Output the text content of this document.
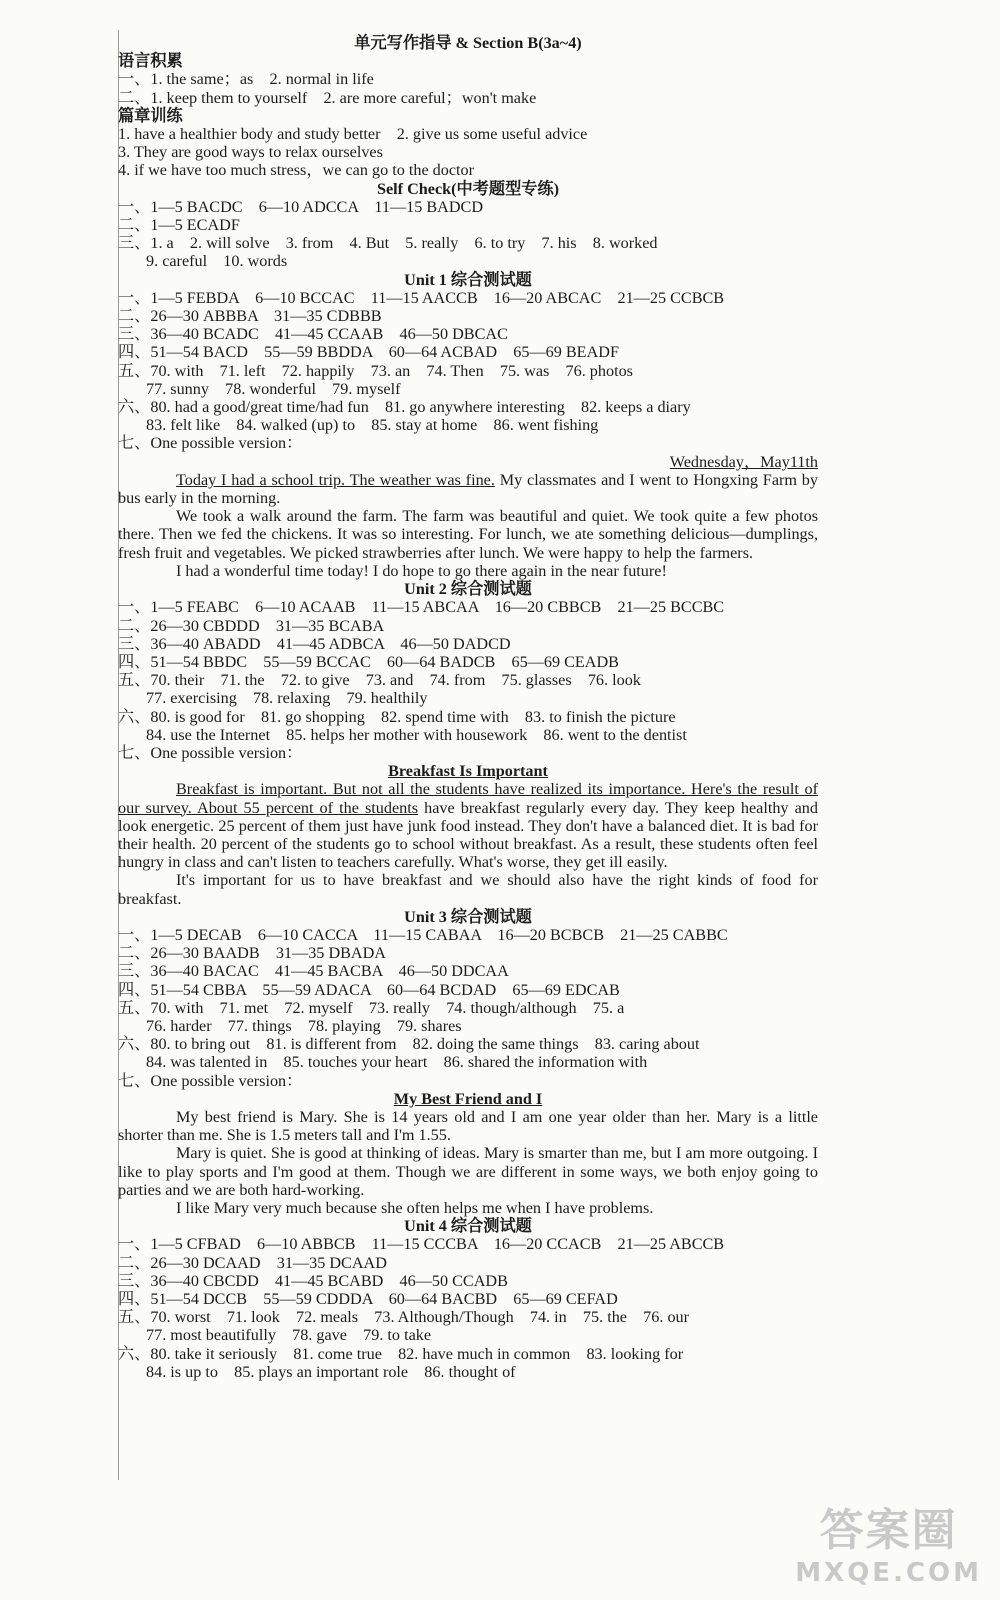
单元写作指导 & Section B(3a~4)
语言积累
一、1. the same；as　2. normal in life
二、1. keep them to yourself　2. are more careful；won't make
篇章训练
1. have a healthier body and study better　2. give us some useful advice
3. They are good ways to relax ourselves
4. if we have too much stress，we can go to the doctor
Self Check(中考题型专练)
一、1—5 BACDC　6—10 ADCCA　11—15 BADCD
二、1—5 ECADF
三、1. a　2. will solve　3. from　4. But　5. really　6. to try　7. his　8. worked
9. careful　10. words
Unit 1 综合测试题
一、1—5 FEBDA　6—10 BCCAC　11—15 AACCB　16—20 ABCAC　21—25 CCBCB
二、26—30 ABBBA　31—35 CDBBB
三、36—40 BCADC　41—45 CCAAB　46—50 DBCAC
四、51—54 BACD　55—59 BBDDA　60—64 ACBAD　65—69 BEADF
五、70. with　71. left　72. happily　73. an　74. Then　75. was　76. photos
77. sunny　78. wonderful　79. myself
六、80. had a good/great time/had fun　81. go anywhere interesting　82. keeps a diary
83. felt like　84. walked (up) to　85. stay at home　86. went fishing
七、One possible version：
Wednesday，May11th
Today I had a school trip. The weather was fine. My classmates and I went to Hongxing Farm by bus early in the morning.
We took a walk around the farm. The farm was beautiful and quiet. We took quite a few photos there. Then we fed the chickens. It was so interesting. For lunch, we ate something delicious—dumplings, fresh fruit and vegetables. We picked strawberries after lunch. We were happy to help the farmers.
I had a wonderful time today! I do hope to go there again in the near future!
Unit 2 综合测试题
一、1—5 FEABC　6—10 ACAAB　11—15 ABCAA　16—20 CBBCB　21—25 BCCBC
二、26—30 CBDDD　31—35 BCABA
三、36—40 ABADD　41—45 ADBCA　46—50 DADCD
四、51—54 BBDC　55—59 BCCAC　60—64 BADCB　65—69 CEADB
五、70. their　71. the　72. to give　73. and　74. from　75. glasses　76. look
77. exercising　78. relaxing　79. healthily
六、80. is good for　81. go shopping　82. spend time with　83. to finish the picture
84. use the Internet　85. helps her mother with housework　86. went to the dentist
七、One possible version：
Breakfast Is Important
Breakfast is important. But not all the students have realized its importance. Here's the result of our survey. About 55 percent of the students have breakfast regularly every day. They keep healthy and look energetic. 25 percent of them just have junk food instead. They don't have a balanced diet. It is bad for their health. 20 percent of the students go to school without breakfast. As a result, these students often feel hungry in class and can't listen to teachers carefully. What's worse, they get ill easily.
It's important for us to have breakfast and we should also have the right kinds of food for breakfast.
Unit 3 综合测试题
一、1—5 DECAB　6—10 CACCA　11—15 CABAA　16—20 BCBCB　21—25 CABBC
二、26—30 BAADB　31—35 DBADA
三、36—40 BACAC　41—45 BACBA　46—50 DDCAA
四、51—54 CBBA　55—59 ADACA　60—64 BCDAD　65—69 EDCAB
五、70. with　71. met　72. myself　73. really　74. though/although　75. a
76. harder　77. things　78. playing　79. shares
六、80. to bring out　81. is different from　82. doing the same things　83. caring about
84. was talented in　85. touches your heart　86. shared the information with
七、One possible version：
My Best Friend and I
My best friend is Mary. She is 14 years old and I am one year older than her. Mary is a little shorter than me. She is 1.5 meters tall and I'm 1.55.
Mary is quiet. She is good at thinking of ideas. Mary is smarter than me, but I am more outgoing. I like to play sports and I'm good at them. Though we are different in some ways, we both enjoy going to parties and we are both hard-working.
I like Mary very much because she often helps me when I have problems.
Unit 4 综合测试题
一、1—5 CFBAD　6—10 ABBCB　11—15 CCCBA　16—20 CCACB　21—25 ABCCB
二、26—30 DCAAD　31—35 DCAAD
三、36—40 CBCDD　41—45 BCABD　46—50 CCADB
四、51—54 DCCB　55—59 CDDDA　60—64 BACBD　65—69 CEFAD
五、70. worst　71. look　72. meals　73. Although/Though　74. in　75. the　76. our
77. most beautifully　78. gave　79. to take
六、80. take it seriously　81. come true　82. have much in common　83. looking for
84. is up to　85. plays an important role　86. thought of
答案圈
MXQE.COM
